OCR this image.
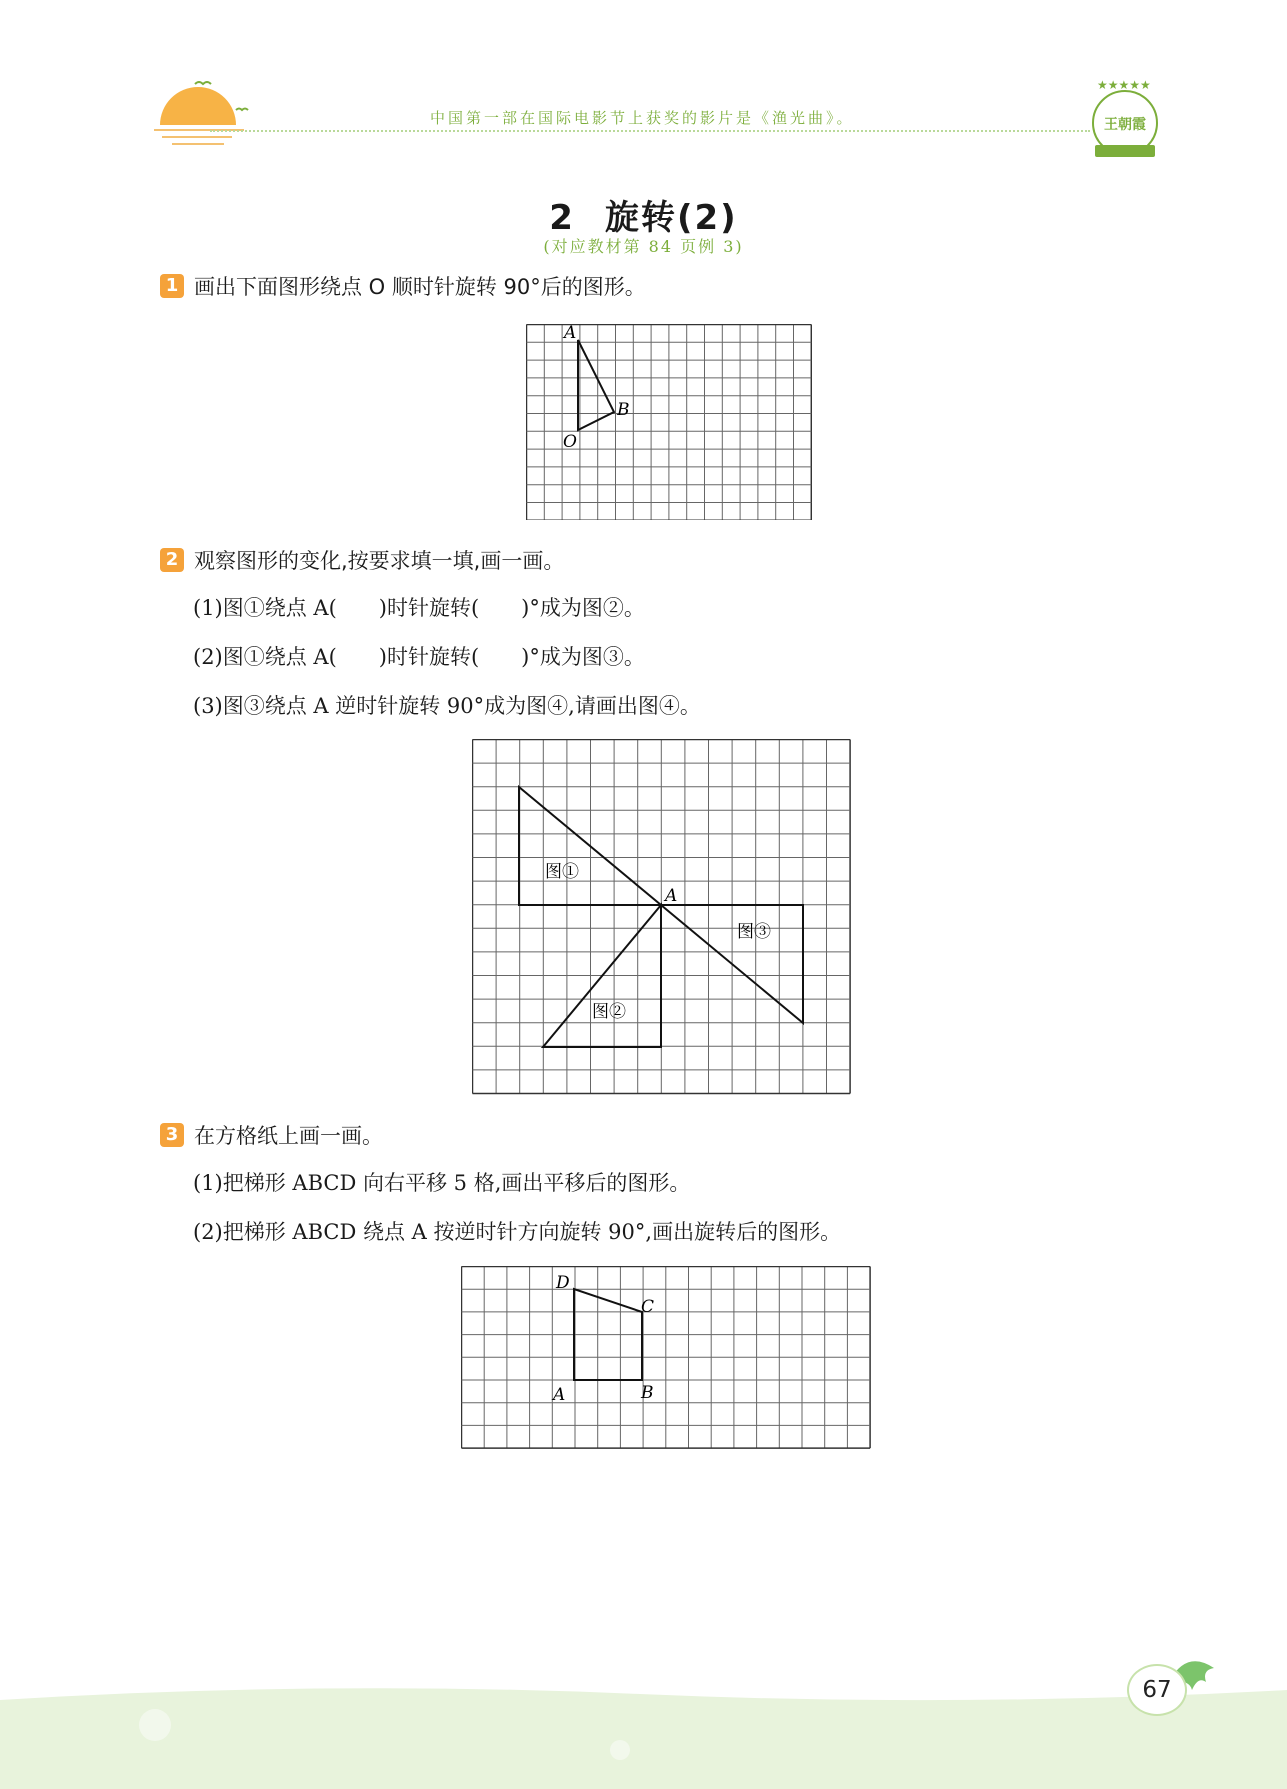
中国第一部在国际电影节上获奖的影片是《渔光曲》。
★★★★★
王朝霞
2 旋转(2)
(对应教材第 84 页例 3)
1 画出下面图形绕点 O 顺时针旋转 90°后的图形。
A
B
O
2 观察图形的变化,按要求填一填,画一画。
(1)图①绕点 A(　　)时针旋转(　　)°成为图②。
(2)图①绕点 A(　　)时针旋转(　　)°成为图③。
(3)图③绕点 A 逆时针旋转 90°成为图④,请画出图④。
图①
图②
图③
A
3 在方格纸上画一画。
(1)把梯形 ABCD 向右平移 5 格,画出平移后的图形。
(2)把梯形 ABCD 绕点 A 按逆时针方向旋转 90°,画出旋转后的图形。
D
C
A	B
67
